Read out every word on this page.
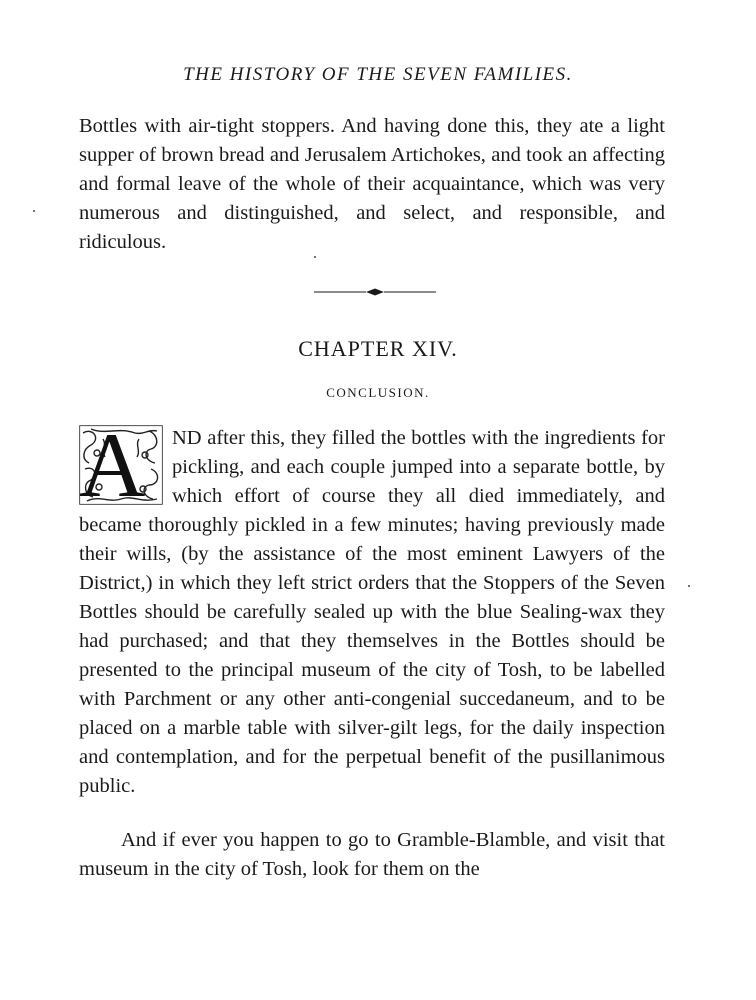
THE HISTORY OF THE SEVEN FAMILIES.

Bottles with air-tight stoppers. And having done this, they ate a light supper of brown bread and Jerusalem Artichokes, and took an affecting and formal leave of the whole of their acquaintance, which was very numerous and distinguished, and select, and responsible, and ridiculous.

CHAPTER XIV.
CONCLUSION.

A	ND after this, they filled the bottles with the ingredients for pickling, and each couple jumped into a separate bottle, by which effort of course they all died immediately, and became thoroughly pickled in a few minutes; having previously made their wills, (by the assistance of the most eminent Lawyers of the District,) in which they left strict orders that the Stoppers of the Seven Bottles should be carefully sealed up with the blue Sealing-wax they had purchased; and that they themselves in the Bottles should be presented to the principal museum of the city of Tosh, to be labelled with Parchment or any other anti-congenial succedaneum, and to be placed on a marble table with silver-gilt legs, for the daily inspection and contemplation, and for the perpetual benefit of the pusillanimous public.

And if ever you happen to go to Gramble-Blamble, and visit that museum in the city of Tosh, look for them on the
